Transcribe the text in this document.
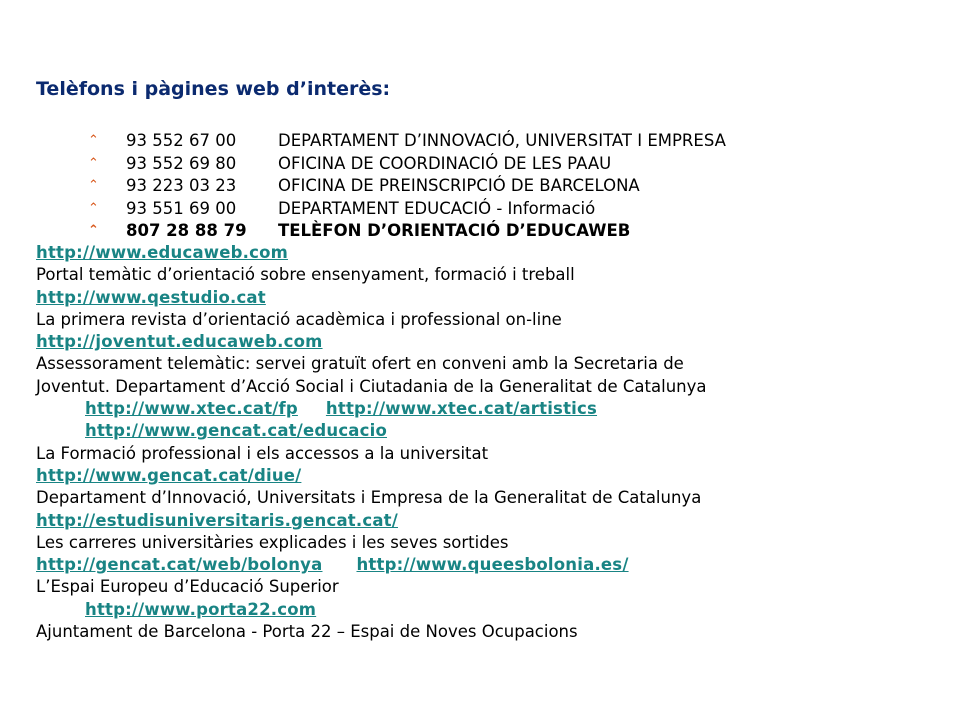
Telèfons i pàgines web d’interès:
⌃ 93 552 67 00	DEPARTAMENT D’INNOVACIÓ, UNIVERSITAT I EMPRESA
⌃ 93 552 69 80	OFICINA DE COORDINACIÓ DE LES PAAU
⌃ 93 223 03 23	OFICINA DE PREINSCRIPCIÓ DE BARCELONA
⌃ 93 551 69 00	DEPARTAMENT EDUCACIÓ - Informació
⌃ 807 28 88 79 TELÈFON D’ORIENTACIÓ D’EDUCAWEB
http://www.educaweb.com
Portal temàtic d’orientació sobre ensenyament, formació i treball
http://www.qestudio.cat
La primera revista d’orientació acadèmica i professional on-line
http://joventut.educaweb.com
Assessorament telemàtic: servei gratuït ofert en conveni amb la Secretaria de
Joventut. Departament d’Acció Social i Ciutadania de la Generalitat de Catalunya
http://www.xtec.cat/fp http://www.xtec.cat/artistics
http://www.gencat.cat/educacio
La Formació professional i els accessos a la universitat
http://www.gencat.cat/diue/
Departament d’Innovació, Universitats i Empresa de la Generalitat de Catalunya
http://estudisuniversitaris.gencat.cat/
Les carreres universitàries explicades i les seves sortides
http://gencat.cat/web/bolonya http://www.queesbolonia.es/
L’Espai Europeu d’Educació Superior
http://www.porta22.com
Ajuntament de Barcelona - Porta 22 – Espai de Noves Ocupacions
